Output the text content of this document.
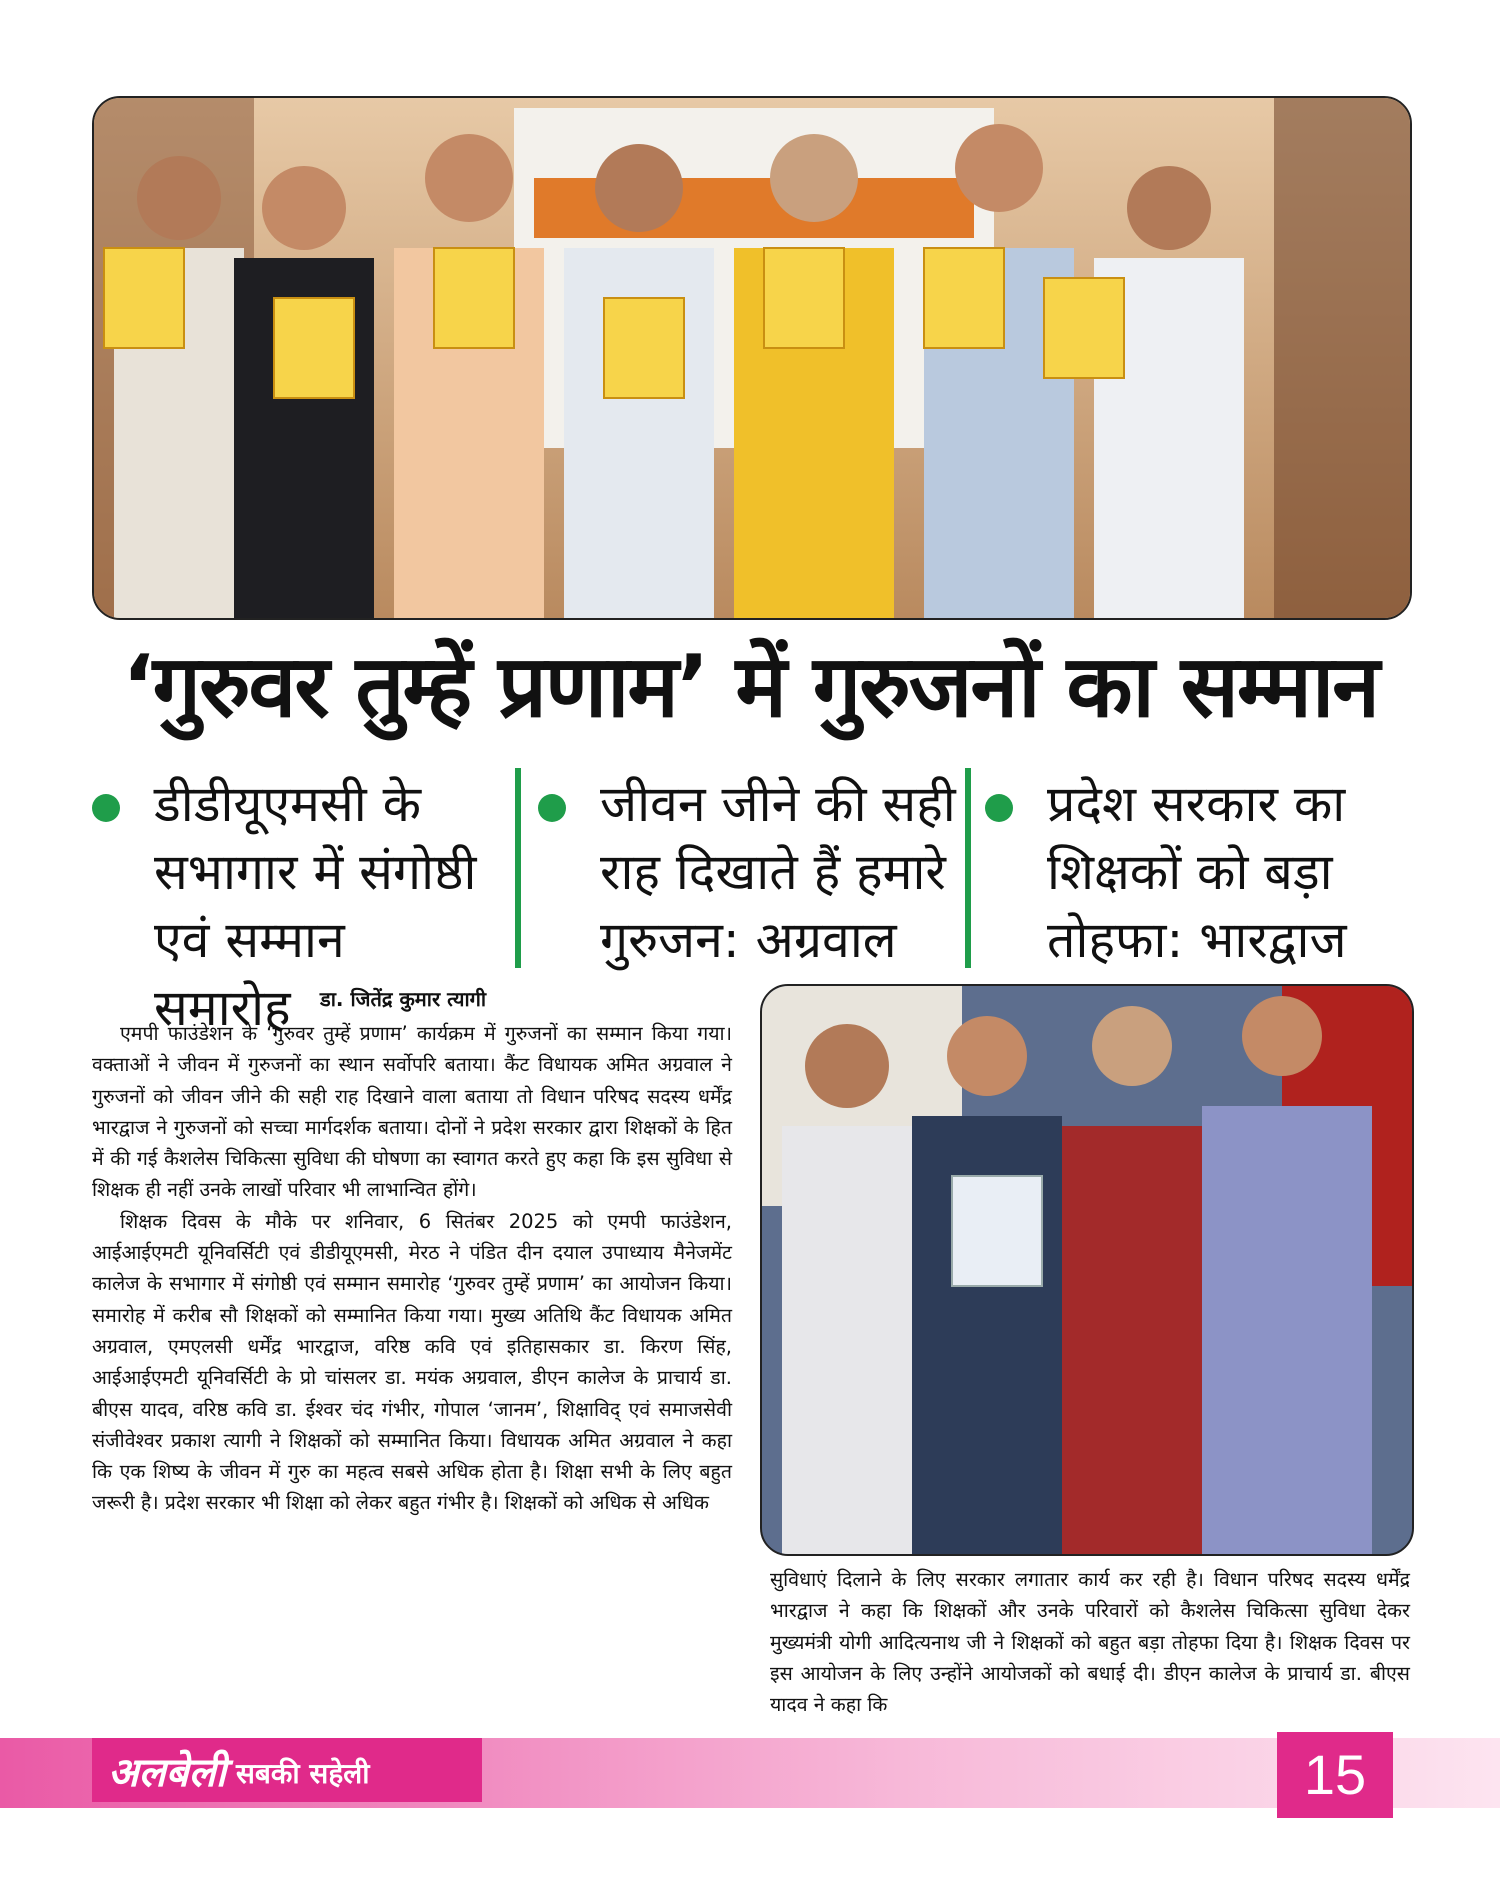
‘गुरुवर तुम्हें प्रणाम’ में गुरुजनों का सम्मान
डीडीयूएमसी के सभागार में संगोष्ठी एवं सम्मान समारोह
जीवन जीने की सही राह दिखाते हैं हमारे गुरुजन: अग्रवाल
प्रदेश सरकार का शिक्षकों को बड़ा तोहफा: भारद्वाज
डा. जितेंद्र कुमार त्यागी

एमपी फाउंडेशन के ‘गुरुवर तुम्हें प्रणाम’ कार्यक्रम में गुरुजनों का सम्मान किया गया। वक्ताओं ने जीवन में गुरुजनों का स्थान सर्वोपरि बताया। कैंट विधायक अमित अग्रवाल ने गुरुजनों को जीवन जीने की सही राह दिखाने वाला बताया तो विधान परिषद सदस्य धर्मेंद्र भारद्वाज ने गुरुजनों को सच्चा मार्गदर्शक बताया। दोनों ने प्रदेश सरकार द्वारा शिक्षकों के हित में की गई कैशलेस चिकित्सा सुविधा की घोषणा का स्वागत करते हुए कहा कि इस सुविधा से शिक्षक ही नहीं उनके लाखों परिवार भी लाभान्वित होंगे।

शिक्षक दिवस के मौके पर शनिवार, 6 सितंबर 2025 को एमपी फाउंडेशन, आईआईएमटी यूनिवर्सिटी एवं डीडीयूएमसी, मेरठ ने पंडित दीन दयाल उपाध्याय मैनेजमेंट कालेज के सभागार में संगोष्ठी एवं सम्मान समारोह ‘गुरुवर तुम्हें प्रणाम’ का आयोजन किया। समारोह में करीब सौ शिक्षकों को सम्मानित किया गया। मुख्य अतिथि कैंट विधायक अमित अग्रवाल, एमएलसी धर्मेंद्र भारद्वाज, वरिष्ठ कवि एवं इतिहासकार डा. किरण सिंह, आईआईएमटी यूनिवर्सिटी के प्रो चांसलर डा. मयंक अग्रवाल, डीएन कालेज के प्राचार्य डा. बीएस यादव, वरिष्ठ कवि डा. ईश्वर चंद गंभीर, गोपाल ‘जानम’, शिक्षाविद् एवं समाजसेवी संजीवेश्वर प्रकाश त्यागी ने शिक्षकों को सम्मानित किया। विधायक अमित अग्रवाल ने कहा कि एक शिष्य के जीवन में गुरु का महत्व सबसे अधिक होता है। शिक्षा सभी के लिए बहुत जरूरी है। प्रदेश सरकार भी शिक्षा को लेकर बहुत गंभीर है। शिक्षकों को अधिक से अधिक

सुविधाएं दिलाने के लिए सरकार लगातार कार्य कर रही है। विधान परिषद सदस्य धर्मेंद्र भारद्वाज ने कहा कि शिक्षकों और उनके परिवारों को कैशलेस चिकित्सा सुविधा देकर मुख्यमंत्री योगी आदित्यनाथ जी ने शिक्षकों को बहुत बड़ा तोहफा दिया है। शिक्षक दिवस पर इस आयोजन के लिए उन्होंने आयोजकों को बधाई दी। डीएन कालेज के प्राचार्य डा. बीएस यादव ने कहा कि

अलबेली सबकी सहेली	15
